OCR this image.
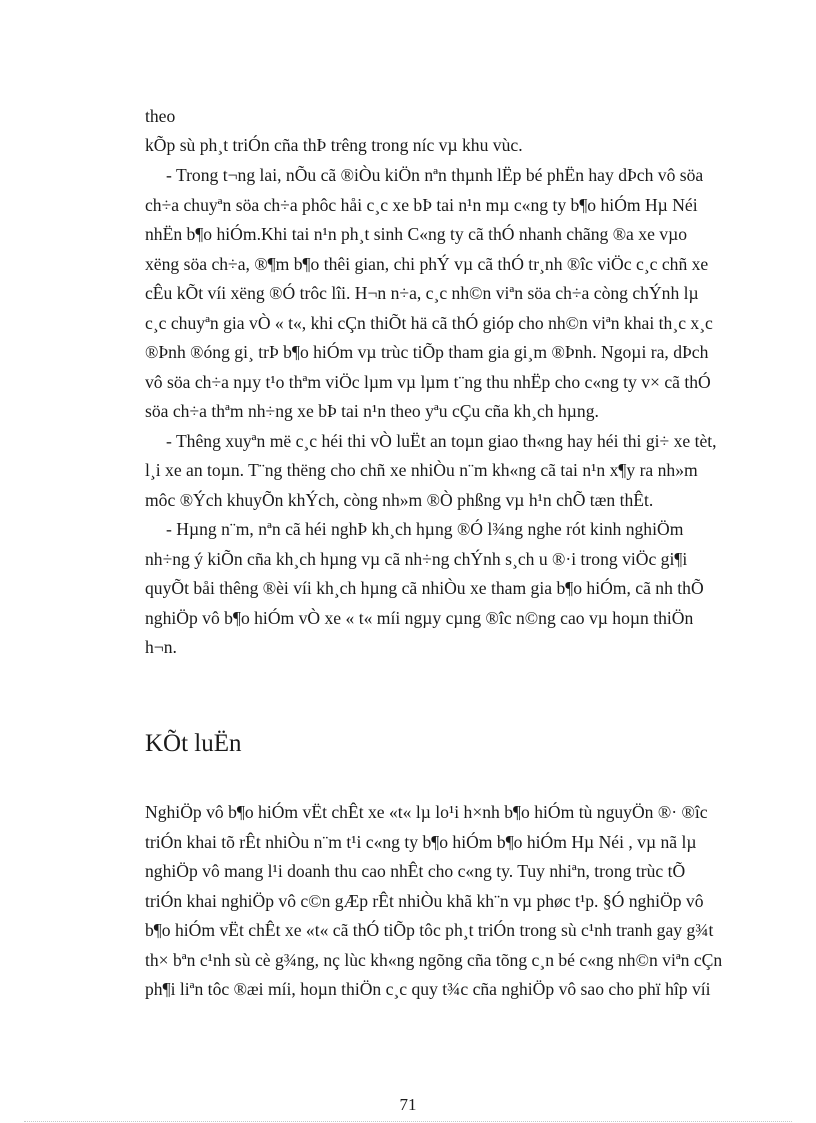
theo
kÕp sù ph¸t triÓn cña thÞ trêng trong níc vµ khu vùc.
- Trong t¬ng lai, nÕu cã ®iÒu kiÖn nªn thµnh lËp bé phËn hay dÞch vô söa
ch÷a chuyªn söa ch÷a phôc håi c¸c xe bÞ tai n¹n mµ c«ng ty b¶o hiÓm Hµ Néi
nhËn b¶o hiÓm.Khi tai n¹n ph¸t sinh C«ng ty cã thÓ nhanh chãng ®a xe vµo
xëng söa ch÷a, ®¶m b¶o thêi gian, chi phÝ vµ cã thÓ tr¸nh ®îc viÖc c¸c chñ xe
cÊu kÕt víi xëng ®Ó trôc lîi. H¬n n÷a, c¸c nh©n viªn söa ch÷a còng chÝnh lµ
c¸c chuyªn gia vÒ « t«, khi cÇn thiÕt hä cã thÓ gióp cho nh©n viªn khai th¸c x¸c
®Þnh ®óng gi¸ trÞ b¶o hiÓm vµ trùc tiÕp tham gia gi¸m ®Þnh. Ngoµi ra, dÞch
vô söa ch÷a nµy t¹o thªm viÖc lµm vµ lµm t¨ng thu nhËp cho c«ng ty v× cã thÓ
söa ch÷a thªm nh÷ng xe bÞ tai n¹n theo yªu cÇu cña kh¸ch hµng.
- Thêng xuyªn më c¸c héi thi vÒ luËt an toµn giao th«ng hay héi thi gi÷ xe tèt,
l¸i xe an toµn. T¨ng thëng cho chñ xe nhiÒu n¨m kh«ng cã tai n¹n x¶y ra nh»m
môc ®Ých khuyÕn khÝch, còng nh»m ®Ò phßng vµ h¹n chÕ tæn thÊt.
- Hµng n¨m, nªn cã héi nghÞ kh¸ch hµng ®Ó l¾ng nghe rót kinh nghiÖm
nh÷ng ý kiÕn cña kh¸ch hµng vµ cã nh÷ng chÝnh s¸ch u ®·i trong viÖc gi¶i
quyÕt båi thêng ®èi víi kh¸ch hµng cã nhiÒu xe tham gia b¶o hiÓm, cã nh thÕ
nghiÖp vô b¶o hiÓm vÒ xe « t« míi ngµy cµng ®îc n©ng cao vµ hoµn thiÖn
h¬n.
KÕt luËn
NghiÖp vô b¶o hiÓm vËt chÊt xe «t« lµ lo¹i h×nh b¶o hiÓm tù nguyÖn ®· ®îc
triÓn khai tõ rÊt nhiÒu n¨m t¹i c«ng ty b¶o hiÓm b¶o hiÓm Hµ Néi , vµ nã lµ
nghiÖp vô mang l¹i doanh thu cao nhÊt cho c«ng ty. Tuy nhiªn, trong trùc tÕ
triÓn khai nghiÖp vô c©n gÆp rÊt nhiÒu khã kh¨n vµ phøc t¹p. §Ó nghiÖp vô
b¶o hiÓm vËt chÊt xe «t« cã thÓ tiÕp tôc ph¸t triÓn trong sù c¹nh tranh gay g¾t
th× bªn c¹nh sù cè g¾ng, nç lùc kh«ng ngõng cña tõng c¸n bé c«ng nh©n viªn cÇn
ph¶i liªn tôc ®æi míi, hoµn thiÖn c¸c quy t¾c cña nghiÖp vô sao cho phï hîp víi
71
